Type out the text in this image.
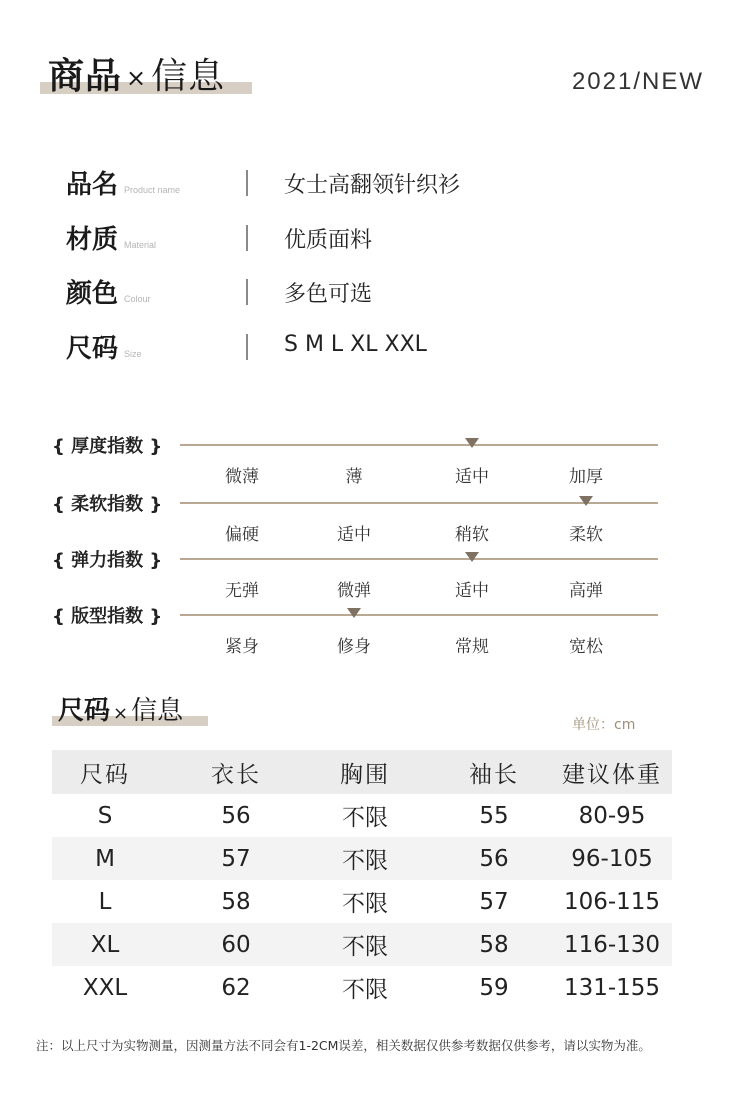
商品 × 信息	2021/NEW
品名 Product name	女士高翻领针织衫
材质 Material	优质面料
颜色 Colour	多色可选
尺码 Size	S M L XL XXL
{ 厚度指数 }
微薄	薄	适中	加厚
{ 柔软指数 }
偏硬	适中	稍软	柔软
{ 弹力指数 }
无弹	微弹	适中	高弹
{ 版型指数 }
紧身	修身	常规	宽松
尺码 × 信息	单位：cm
尺码	衣长	胸围	袖长	建议体重
S	56	不限	55	80-95
M	57	不限	56	96-105
L	58	不限	57	106-115
XL	60	不限	58	116-130
XXL	62	不限	59	131-155
注：以上尺寸为实物测量，因测量方法不同会有1-2CM误差，相关数据仅供参考数据仅供参考，请以实物为准。
